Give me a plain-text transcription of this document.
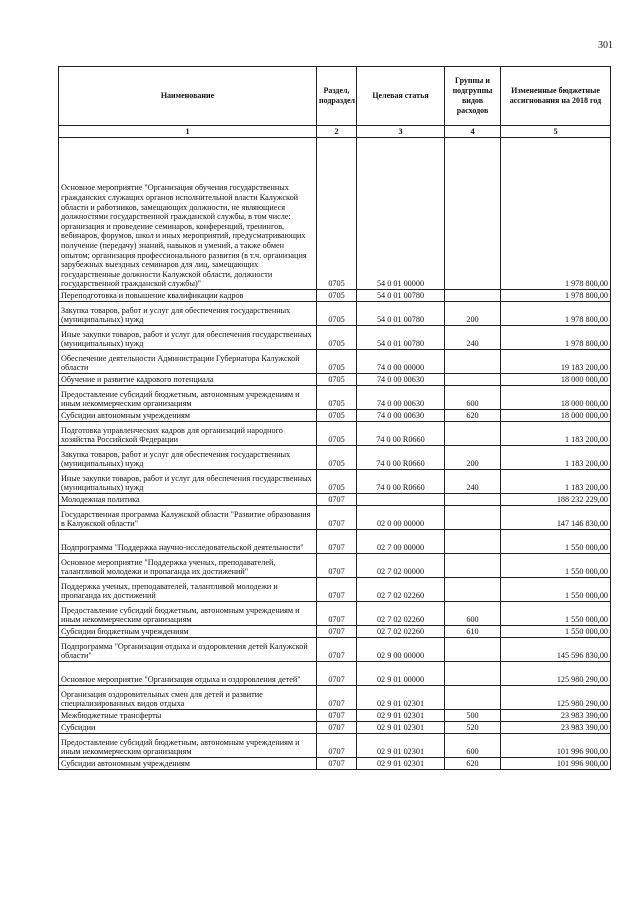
301
Наименование	Раздел, подраздел	Целевая статья	Группы и подгруппы видов расходов	Измененные бюджетные ассигнования на 2018 год
1	2	3	4	5
Основное мероприятие "Организация обучения государственных гражданских служащих органов исполнительной власти Калужской области и работников, замещающих должности, не являющиеся должностями государственной гражданской службы, в том числе: организация и проведение семинаров, конференций, тренингов, вебинаров, форумов, школ и иных мероприятий, предусматривающих получение (передачу) знаний, навыков и умений, а также обмен опытом; организация профессионального развития (в т.ч. организация зарубежных выездных семинаров для лиц, замещающих государственные должности Калужской области, должности государственной гражданской службы)"	0705	54 0 01 00000		1 978 800,00
Переподготовка и повышение квалификации кадров	0705	54 0 01 00780		1 978 800,00
Закупка товаров, работ и услуг для обеспечения государственных (муниципальных) нужд	0705	54 0 01 00780	200	1 978 800,00
Иные закупки товаров, работ и услуг для обеспечения государственных (муниципальных) нужд	0705	54 0 01 00780	240	1 978 800,00
Обеспечение деятельности Администрации Губернатора Калужской области	0705	74 0 00 00000		19 183 200,00
Обучение и развитие кадрового потенциала	0705	74 0 00 00630		18 000 000,00
Предоставление субсидий бюджетным, автономным учреждениям и иным некоммерческим организациям	0705	74 0 00 00630	600	18 000 000,00
Субсидии автономным учреждениям	0705	74 0 00 00630	620	18 000 000,00
Подготовка управленческих кадров для организаций народного хозяйства Российской Федерации	0705	74 0 00 R0660		1 183 200,00
Закупка товаров, работ и услуг для обеспечения государственных (муниципальных) нужд	0705	74 0 00 R0660	200	1 183 200,00
Иные закупки товаров, работ и услуг для обеспечения государственных (муниципальных) нужд	0705	74 0 00 R0660	240	1 183 200,00
Молодежная политика	0707			188 232 229,00
Государственная программа Калужской области "Развитие образования в Калужской области"	0707	02 0 00 00000		147 146 830,00
Подпрограмма "Поддержка научно-исследовательской деятельности"	0707	02 7 00 00000		1 550 000,00
Основное мероприятие "Поддержка ученых, преподавателей, талантливой молодежи и пропаганда их достижений"	0707	02 7 02 00000		1 550 000,00
Поддержка ученых, преподавателей, талантливой молодежи и пропаганда их достижений	0707	02 7 02 02260		1 550 000,00
Предоставление субсидий бюджетным, автономным учреждениям и иным некоммерческим организациям	0707	02 7 02 02260	600	1 550 000,00
Субсидии бюджетным учреждениям	0707	02 7 02 02260	610	1 550 000,00
Подпрограмма "Организация отдыха и оздоровления детей Калужской области"	0707	02 9 00 00000		145 596 830,00
Основное мероприятие "Организация отдыха и оздоровления детей"	0707	02 9 01 00000		125 980 290,00
Организация оздоровительных смен для детей и развитие специализированных видов отдыха	0707	02 9 01 02301		125 980 290,00
Межбюджетные трансферты	0707	02 9 01 02301	500	23 983 390,00
Субсидии	0707	02 9 01 02301	520	23 983 390,00
Предоставление субсидий бюджетным, автономным учреждениям и иным некоммерческим организациям	0707	02 9 01 02301	600	101 996 900,00
Субсидии автономным учреждениям	0707	02 9 01 02301	620	101 996 900,00
